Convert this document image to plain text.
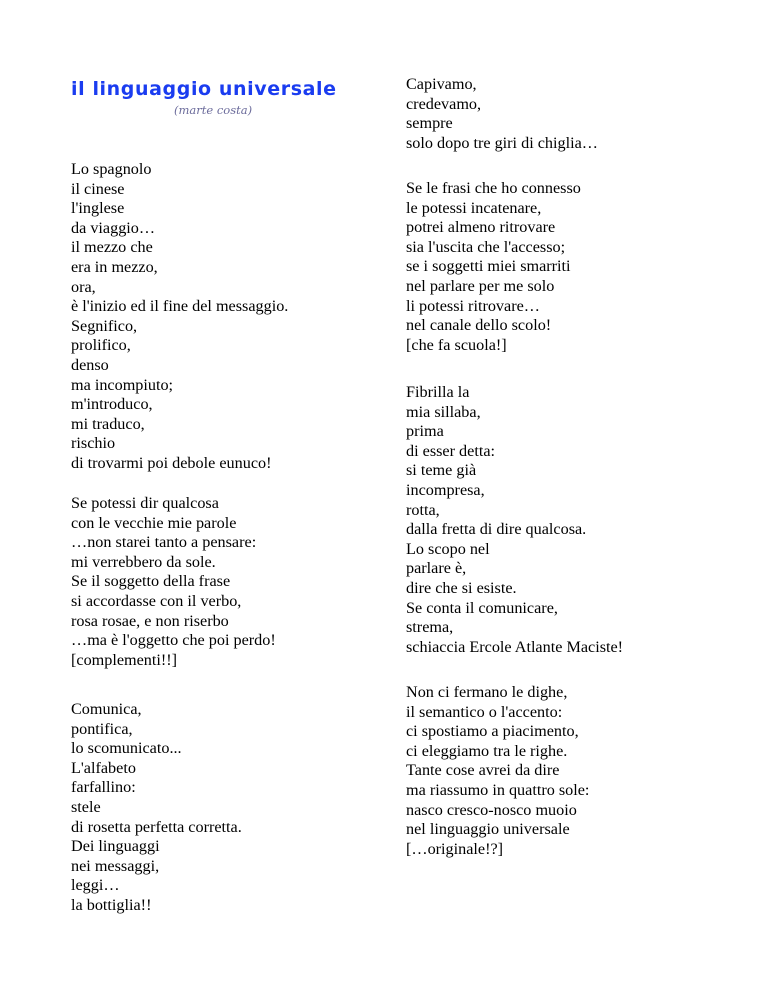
il linguaggio universale
(marte costa)
Lo spagnolo
il cinese
l'inglese
da viaggio…
il mezzo che
era in mezzo,
ora,
è l'inizio ed il fine del messaggio.
Segnifico,
prolifico,
denso
ma incompiuto;
m'introduco,
mi traduco,
rischio
di trovarmi poi debole eunuco!
Se potessi dir qualcosa
con le vecchie mie parole
…non starei tanto a pensare:
mi verrebbero da sole.
Se il soggetto della frase
si accordasse con il verbo,
rosa rosae, e non riserbo
…ma è l'oggetto che poi perdo!
[complementi!!]
Comunica,
pontifica,
lo scomunicato...
L'alfabeto
farfallino:
stele
di rosetta perfetta corretta.
Dei linguaggi
nei messaggi,
leggi…
la bottiglia!!
Capivamo,
credevamo,
sempre
solo dopo tre giri di chiglia…
Se le frasi che ho connesso
le potessi incatenare,
potrei almeno ritrovare
sia l'uscita che l'accesso;
se i soggetti miei smarriti
nel parlare per me solo
li potessi ritrovare…
nel canale dello scolo!
[che fa scuola!]
Fibrilla la
mia sillaba,
prima
di esser detta:
si teme già
incompresa,
rotta,
dalla fretta di dire qualcosa.
Lo scopo nel
parlare è,
dire che si esiste.
Se conta il comunicare,
strema,
schiaccia Ercole Atlante Maciste!
Non ci fermano le dighe,
il semantico o l'accento:
ci spostiamo a piacimento,
ci eleggiamo tra le righe.
Tante cose avrei da dire
ma riassumo in quattro sole:
nasco cresco-nosco muoio
nel linguaggio universale
[…originale!?]
